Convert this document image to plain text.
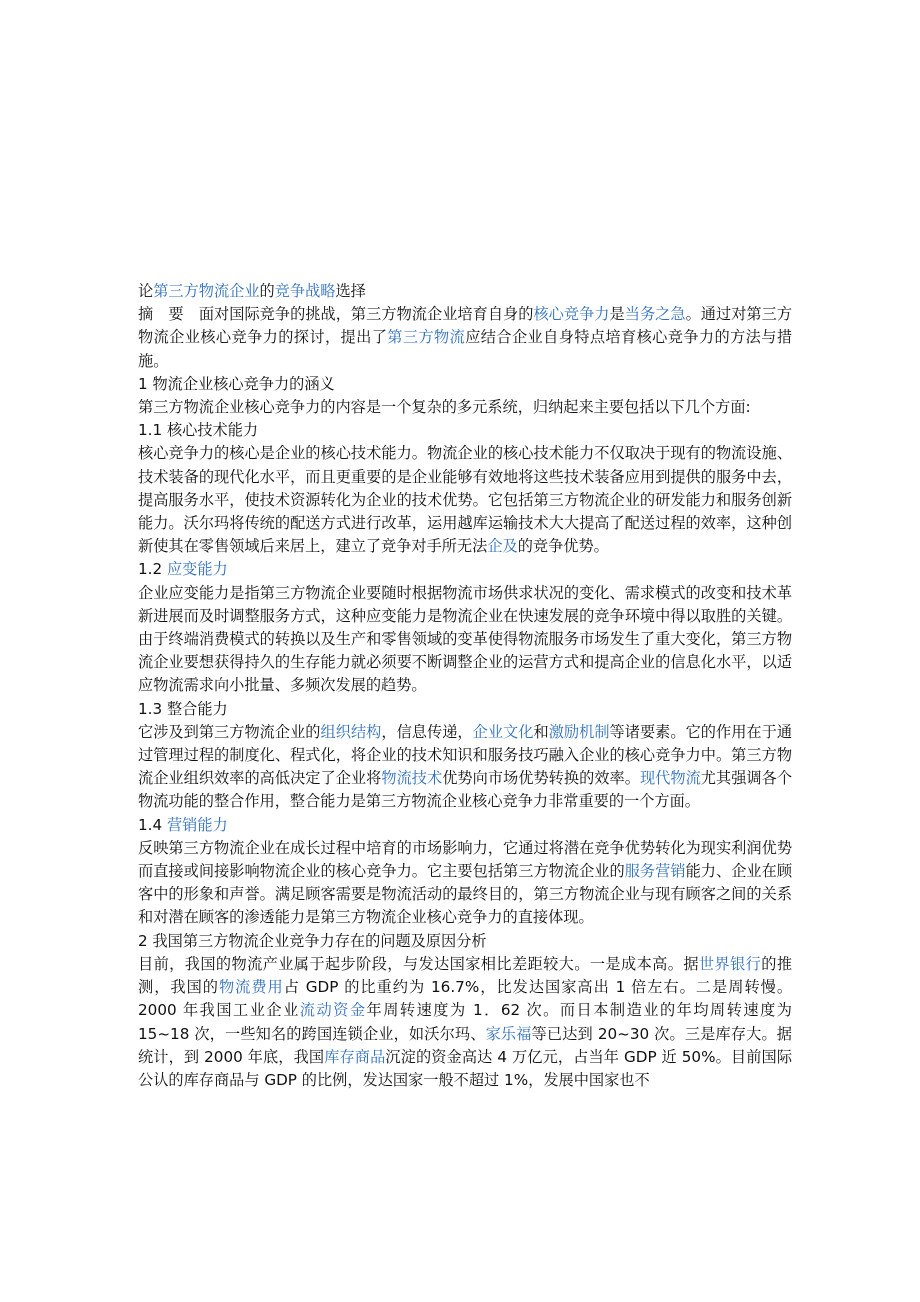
论第三方物流企业的竞争战略选择

摘　要　面对国际竞争的挑战，第三方物流企业培育自身的核心竞争力是当务之急。通过对第三方物流企业核心竞争力的探讨，提出了第三方物流应结合企业自身特点培育核心竞争力的方法与措施。

1 物流企业核心竞争力的涵义

第三方物流企业核心竞争力的内容是一个复杂的多元系统，归纳起来主要包括以下几个方面:

1.1 核心技术能力

核心竞争力的核心是企业的核心技术能力。物流企业的核心技术能力不仅取决于现有的物流设施、技术装备的现代化水平，而且更重要的是企业能够有效地将这些技术装备应用到提供的服务中去，提高服务水平，使技术资源转化为企业的技术优势。它包括第三方物流企业的研发能力和服务创新能力。沃尔玛将传统的配送方式进行改革，运用越库运输技术大大提高了配送过程的效率，这种创新使其在零售领域后来居上，建立了竞争对手所无法企及的竞争优势。

1.2 应变能力

企业应变能力是指第三方物流企业要随时根据物流市场供求状况的变化、需求模式的改变和技术革新进展而及时调整服务方式，这种应变能力是物流企业在快速发展的竞争环境中得以取胜的关键。由于终端消费模式的转换以及生产和零售领域的变革使得物流服务市场发生了重大变化，第三方物流企业要想获得持久的生存能力就必须要不断调整企业的运营方式和提高企业的信息化水平，以适应物流需求向小批量、多频次发展的趋势。

1.3 整合能力

它涉及到第三方物流企业的组织结构，信息传递，企业文化和激励机制等诸要素。它的作用在于通过管理过程的制度化、程式化，将企业的技术知识和服务技巧融入企业的核心竞争力中。第三方物流企业组织效率的高低决定了企业将物流技术优势向市场优势转换的效率。现代物流尤其强调各个物流功能的整合作用，整合能力是第三方物流企业核心竞争力非常重要的一个方面。

1.4 营销能力

反映第三方物流企业在成长过程中培育的市场影响力，它通过将潜在竞争优势转化为现实利润优势而直接或间接影响物流企业的核心竞争力。它主要包括第三方物流企业的服务营销能力、企业在顾客中的形象和声誉。满足顾客需要是物流活动的最终目的，第三方物流企业与现有顾客之间的关系和对潜在顾客的渗透能力是第三方物流企业核心竞争力的直接体现。

2 我国第三方物流企业竞争力存在的问题及原因分析

目前，我国的物流产业属于起步阶段，与发达国家相比差距较大。一是成本高。据世界银行的推测，我国的物流费用占 GDP 的比重约为 16.7%，比发达国家高出 1 倍左右。二是周转慢。2000 年我国工业企业流动资金年周转速度为 1．62 次。而日本制造业的年均周转速度为 15~18 次，一些知名的跨国连锁企业，如沃尔玛、家乐福等已达到 20~30 次。三是库存大。据统计，到 2000 年底，我国库存商品沉淀的资金高达 4 万亿元，占当年 GDP 近 50%。目前国际公认的库存商品与 GDP 的比例，发达国家一般不超过 1%，发展中国家也不
